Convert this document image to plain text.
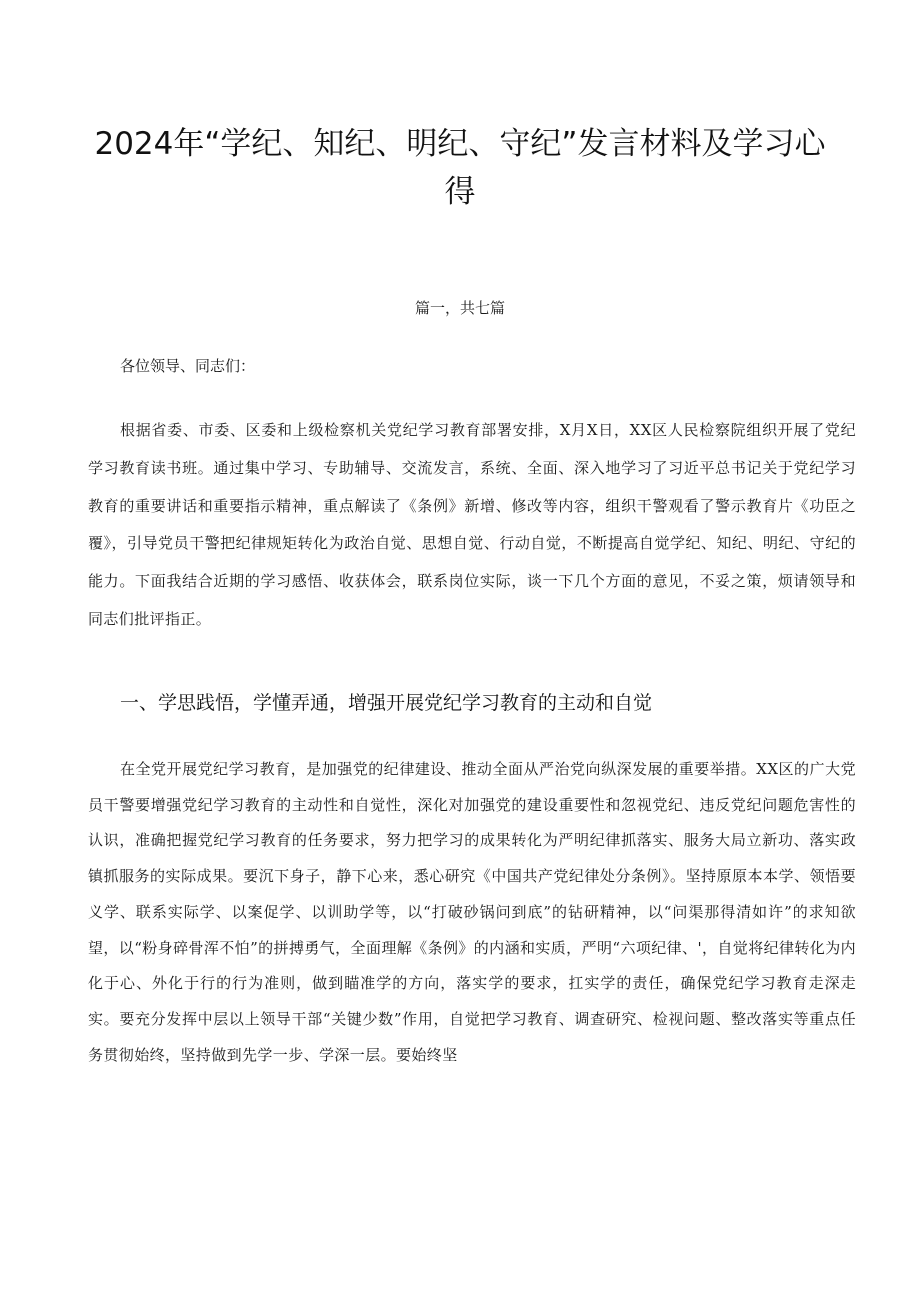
2024年“学纪、知纪、明纪、守纪”发言材料及学习心得
篇一，共七篇
各位领导、同志们：

根据省委、市委、区委和上级检察机关党纪学习教育部署安排，X月X日，XX区人民检察院组织开展了党纪学习教育读书班。通过集中学习、专助辅导、交流发言，系统、全面、深入地学习了习近平总书记关于党纪学习教育的重要讲话和重要指示精神，重点解读了《条例》新增、修改等内容，组织干警观看了警示教育片《功臣之覆》，引导党员干警把纪律规矩转化为政治自觉、思想自觉、行动自觉，不断提高自觉学纪、知纪、明纪、守纪的能力。下面我结合近期的学习感悟、收获体会，联系岗位实际，谈一下几个方面的意见，不妥之策，烦请领导和同志们批评指正。

一、学思践悟，学懂弄通，增强开展党纪学习教育的主动和自觉

在全党开展党纪学习教育，是加强党的纪律建设、推动全面从严治党向纵深发展的重要举措。XX区的广大党员干警要增强党纪学习教育的主动性和自觉性，深化对加强党的建设重要性和忽视党纪、违反党纪问题危害性的认识，准确把握党纪学习教育的任务要求，努力把学习的成果转化为严明纪律抓落实、服务大局立新功、落实政镇抓服务的实际成果。要沉下身子，静下心来，悉心研究《中国共产党纪律处分条例》。坚持原原本本学、领悟要义学、联系实际学、以案促学、以训助学等，以“打破砂锅问到底”的钻研精神，以“问渠那得清如许”的求知欲望，以“粉身碎骨浑不怕”的拼搏勇气，全面理解《条例》的内涵和实质，严明“六项纪律、'，自觉将纪律转化为内化于心、外化于行的行为准则，做到瞄准学的方向，落实学的要求，扛实学的责任，确保党纪学习教育走深走实。要充分发挥中层以上领导干部“关键少数”作用，自觉把学习教育、调查研究、检视问题、整改落实等重点任务贯彻始终，坚持做到先学一步、学深一层。要始终坚
